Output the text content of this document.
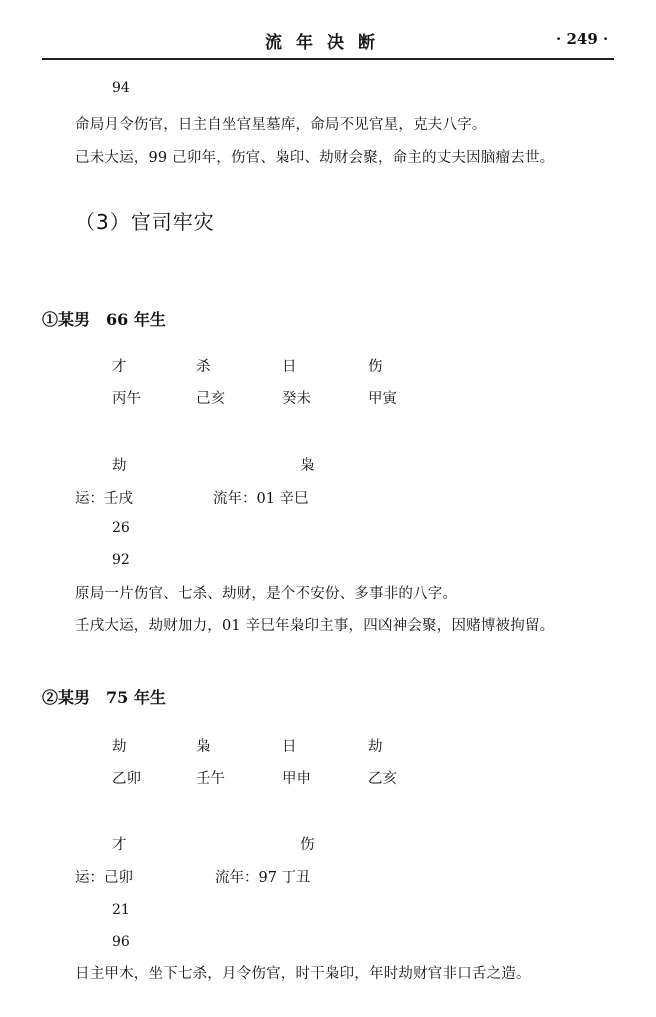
流年决断	· 249 ·
94
命局月令伤官，日主自坐官星墓库，命局不见官星，克夫八字。
己未大运，99 己卯年，伤官、枭印、劫财会聚，命主的丈夫因脑瘤去世。
（3）官司牢灾
①某男　66 年生
才	杀	日	伤
丙午	己亥	癸未	甲寅
劫	枭
运：壬戌	流年：01 辛巳
26
92
原局一片伤官、七杀、劫财，是个不安份、多事非的八字。
壬戌大运，劫财加力，01 辛巳年枭印主事，四凶神会聚，因赌博被拘留。
②某男　75 年生
劫	枭	日	劫
乙卯	壬午	甲申	乙亥
才	伤
运：己卯	流年：97 丁丑
21
96
日主甲木，坐下七杀，月令伤官，时干枭印，年时劫财官非口舌之造。
